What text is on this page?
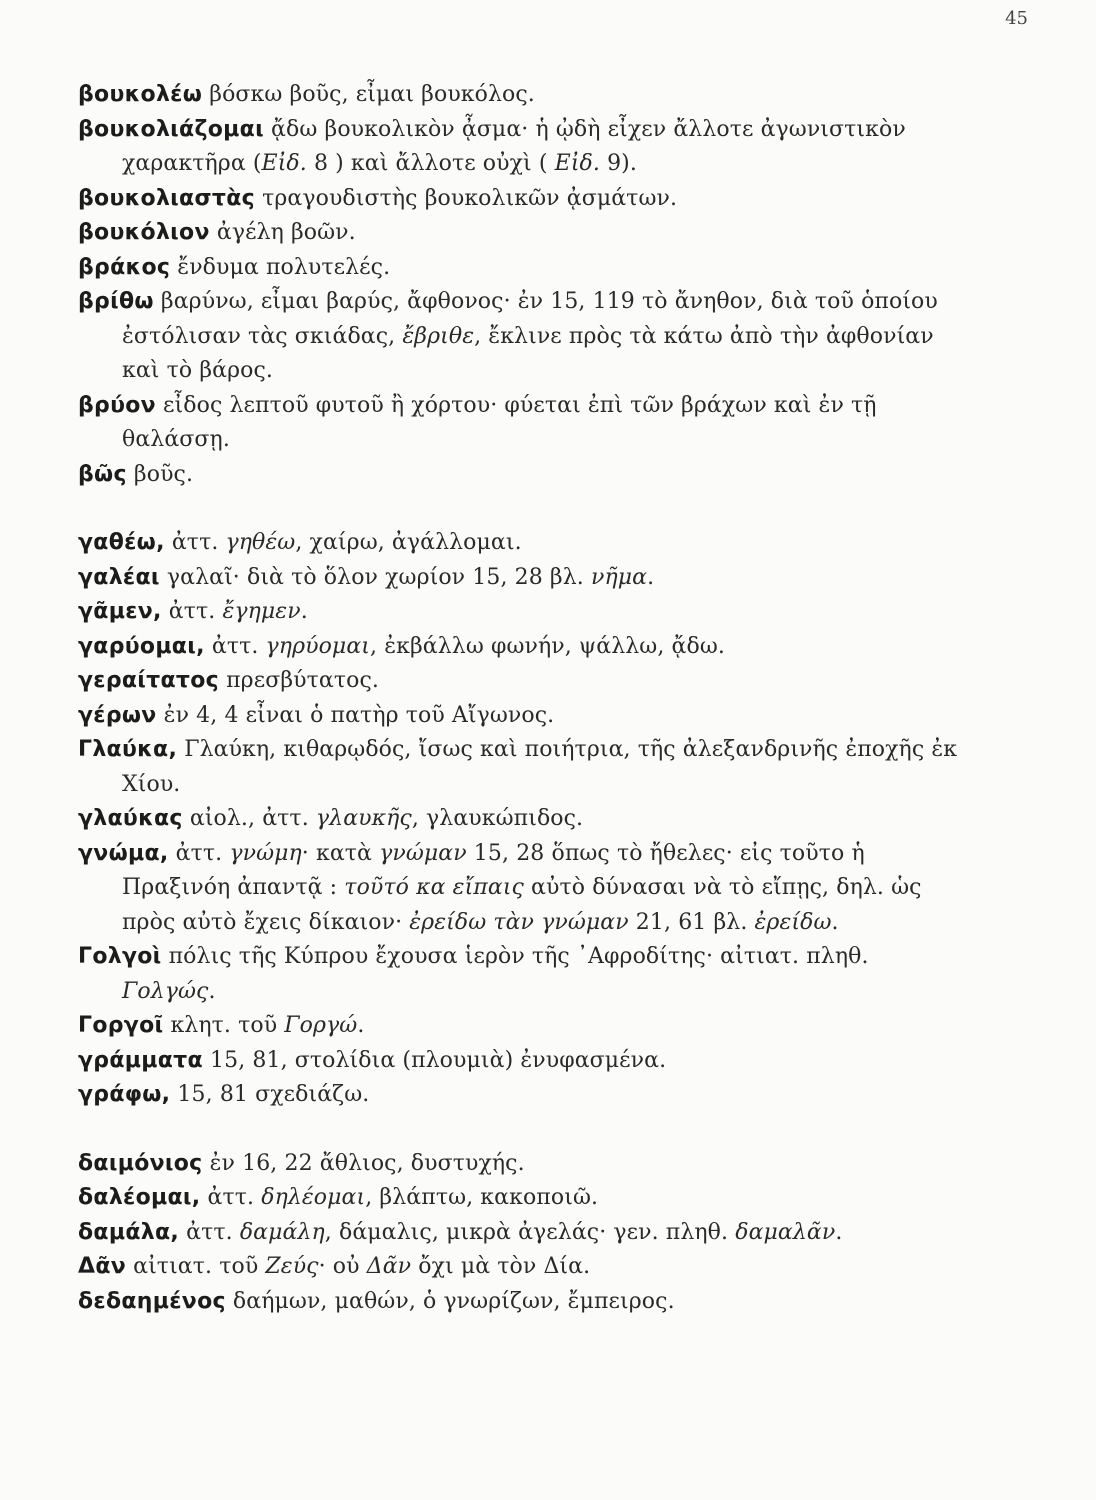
45

βουκολέω βόσκω βοῦς, εἶμαι βουκόλος.

βουκολιάζομαι ᾄδω βουκολικὸν ᾆσμα· ἡ ᾠδὴ εἶχεν ἄλλοτε ἀγωνιστικὸν χαρακτῆρα (Εἰδ. 8 ) καὶ ἄλλοτε οὐχὶ ( Εἰδ. 9).

βουκολιαστὰς τραγουδιστὴς βουκολικῶν ᾀσμάτων.

βουκόλιον ἀγέλη βοῶν.

βράκος ἔνδυμα πολυτελές.

βρίθω βαρύνω, εἶμαι βαρύς, ἄφθονος· ἐν 15, 119 τὸ ἄνηθον, διὰ τοῦ ὁποίου ἐστόλισαν τὰς σκιάδας, ἔβριθε, ἔκλινε πρὸς τὰ κάτω ἀπὸ τὴν ἀφθονίαν καὶ τὸ βάρος.

βρύον εἶδος λεπτοῦ φυτοῦ ἢ χόρτου· φύεται ἐπὶ τῶν βράχων καὶ ἐν τῇ θαλάσσῃ.

βῶς βοῦς.

γαθέω, ἀττ. γηθέω, χαίρω, ἀγάλλομαι.

γαλέαι γαλαῖ· διὰ τὸ ὅλον χωρίον 15, 28 βλ. νῆμα.

γᾶμεν, ἀττ. ἔγημεν.

γαρύομαι, ἀττ. γηρύομαι, ἐκβάλλω φωνήν, ψάλλω, ᾄδω.

γεραίτατος πρεσβύτατος.

γέρων ἐν 4, 4 εἶναι ὁ πατὴρ τοῦ Αἴγωνος.

Γλαύκα, Γλαύκη, κιθαρῳδός, ἴσως καὶ ποιήτρια, τῆς ἀλεξανδρινῆς ἐποχῆς ἐκ Χίου.

γλαύκας αἰολ., ἀττ. γλαυκῆς, γλαυκώπιδος.

γνώμα, ἀττ. γνώμη· κατὰ γνώμαν 15, 28 ὅπως τὸ ἤθελες· εἰς τοῦτο ἡ Πραξινόη ἀπαντᾷ : τοῦτό κα εἴπαις αὐτὸ δύνασαι νὰ τὸ εἴπῃς, δηλ. ὡς πρὸς αὐτὸ ἔχεις δίκαιον· ἐρείδω τὰν γνώμαν 21, 61 βλ. ἐρείδω.

Γολγοὶ πόλις τῆς Κύπρου ἔχουσα ἱερὸν τῆς ᾿Αφροδίτης· αἰτιατ. πληθ. Γολγώς.

Γοργοῖ κλητ. τοῦ Γοργώ.

γράμματα 15, 81, στολίδια (πλουμιὰ) ἐνυφασμένα.

γράφω, 15, 81 σχεδιάζω.

δαιμόνιος ἐν 16, 22 ἄθλιος, δυστυχής.

δαλέομαι, ἀττ. δηλέομαι, βλάπτω, κακοποιῶ.

δαμάλα, ἀττ. δαμάλη, δάμαλις, μικρὰ ἀγελάς· γεν. πληθ. δαμαλᾶν.

Δᾶν αἰτιατ. τοῦ Ζεύς· οὐ Δᾶν ὄχι μὰ τὸν Δία.

δεδαημένος δαήμων, μαθών, ὁ γνωρίζων, ἔμπειρος.
